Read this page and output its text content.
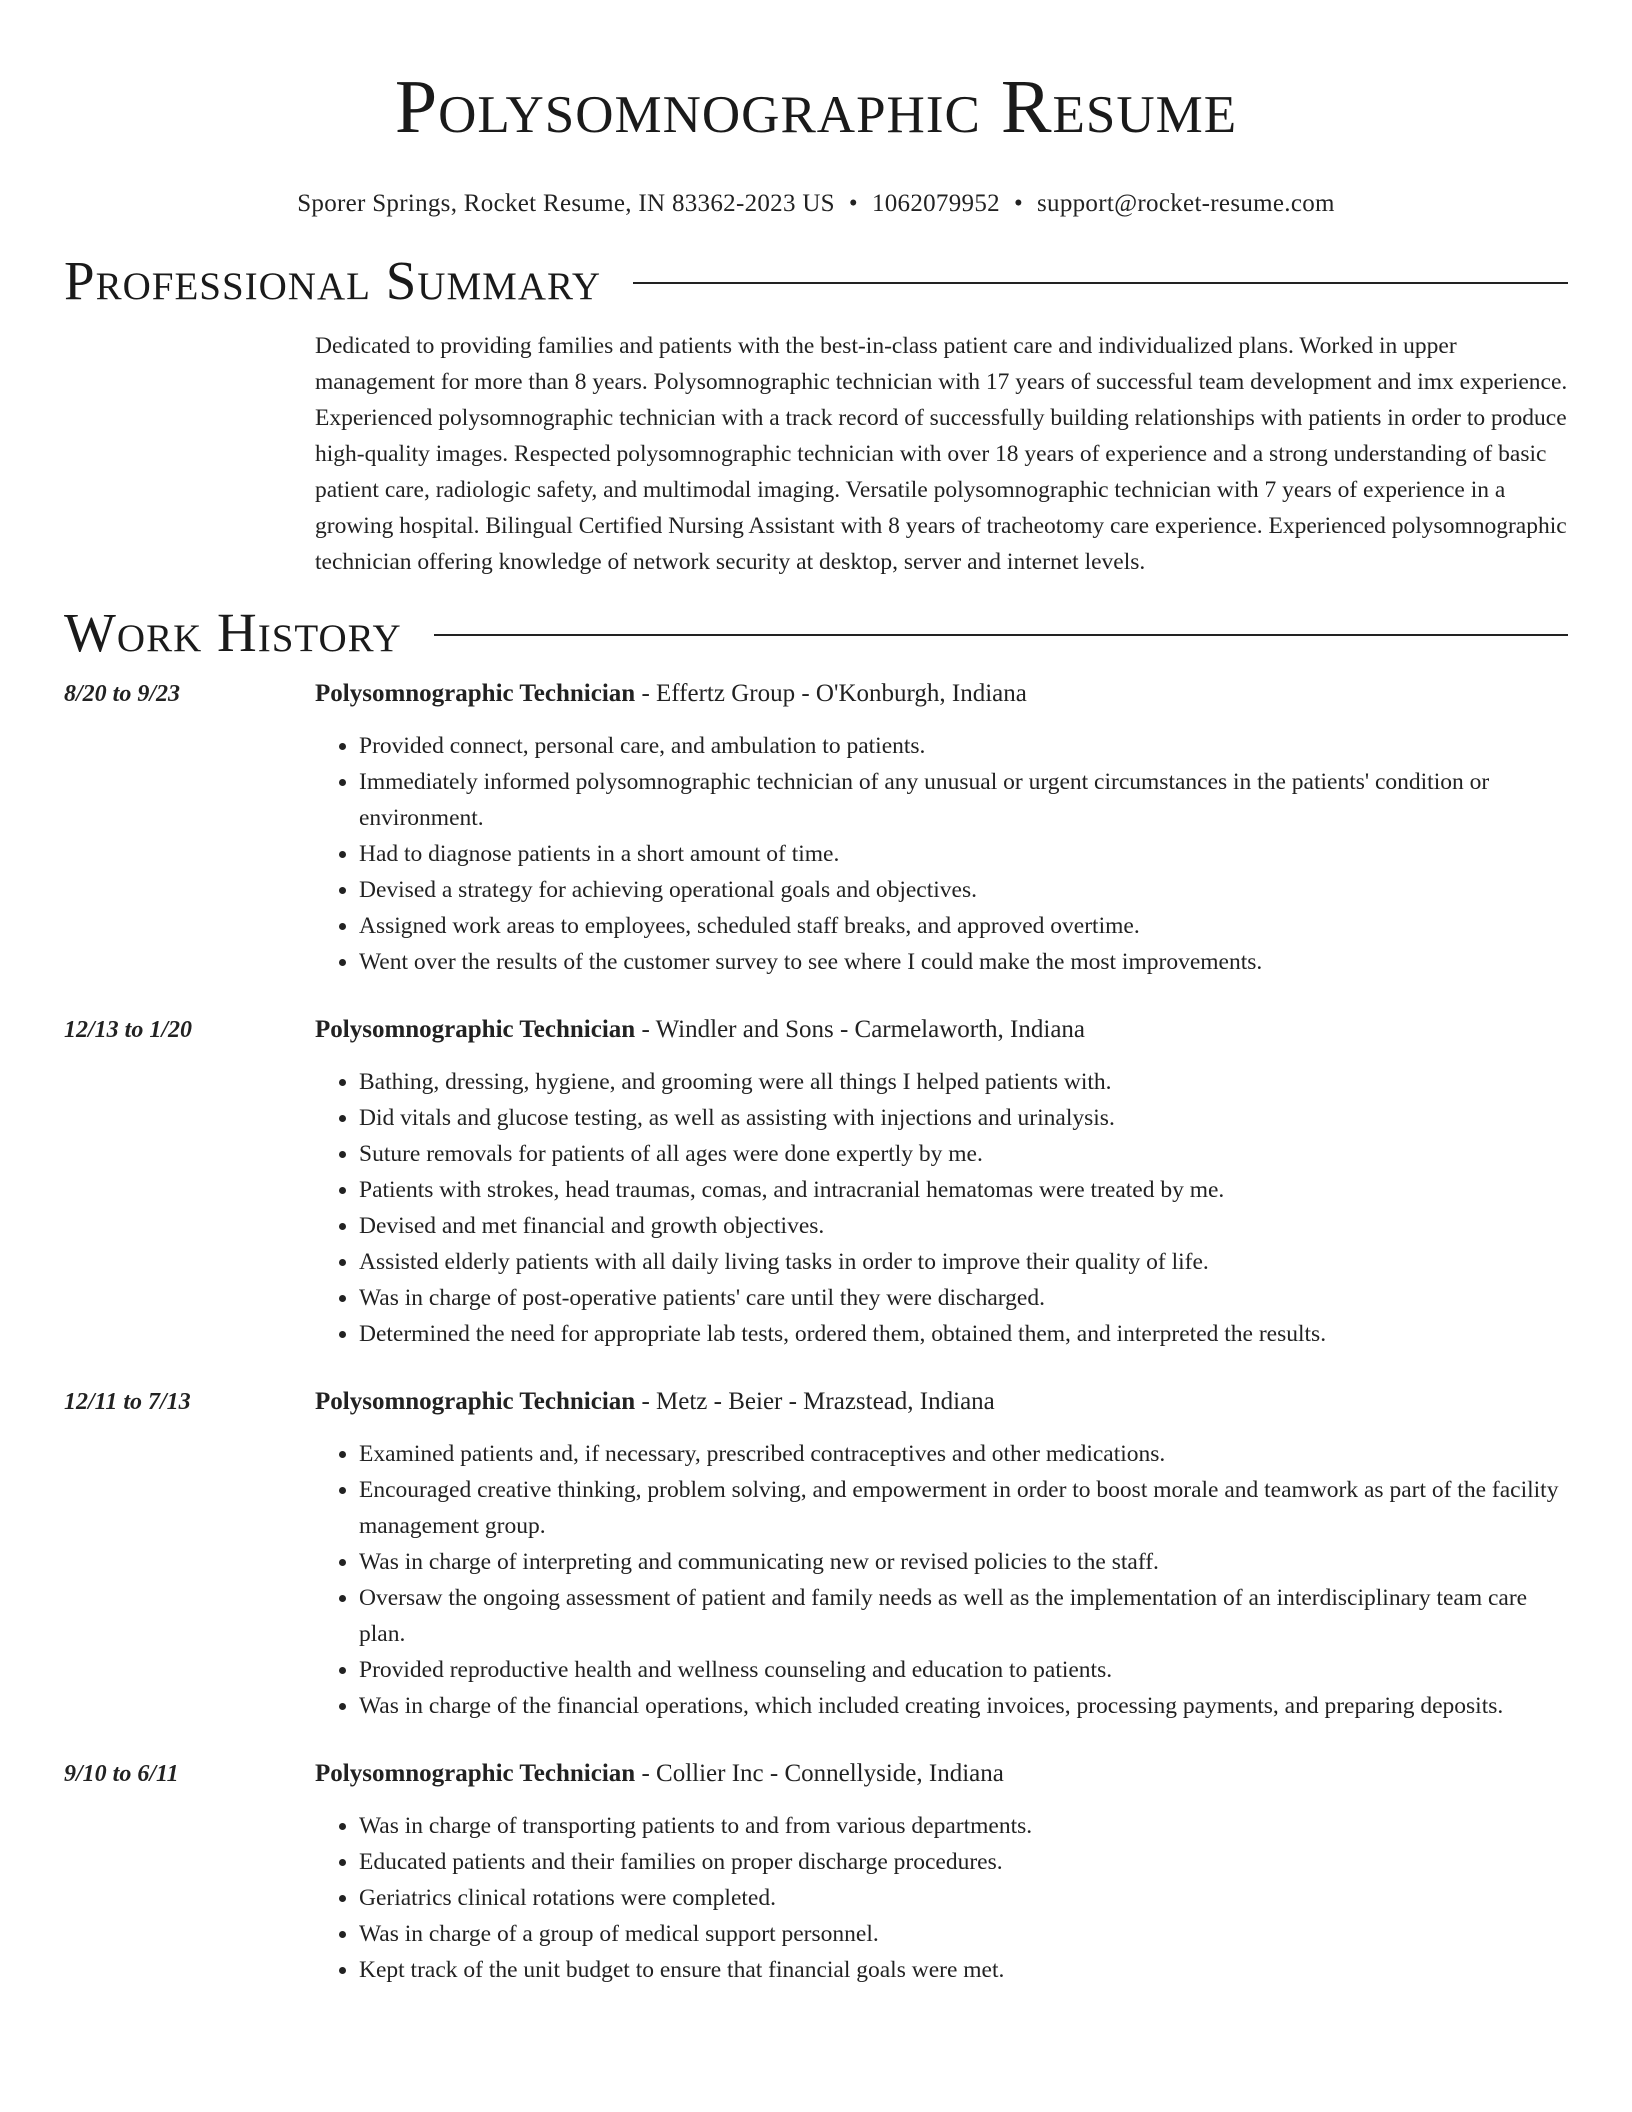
Polysomnographic Resume
Sporer Springs, Rocket Resume, IN 83362-2023 US • 1062079952 • support@rocket-resume.com
Professional Summary
Dedicated to providing families and patients with the best-in-class patient care and individualized plans. Worked in upper management for more than 8 years. Polysomnographic technician with 17 years of successful team development and imx experience. Experienced polysomnographic technician with a track record of successfully building relationships with patients in order to produce high-quality images. Respected polysomnographic technician with over 18 years of experience and a strong understanding of basic patient care, radiologic safety, and multimodal imaging. Versatile polysomnographic technician with 7 years of experience in a growing hospital. Bilingual Certified Nursing Assistant with 8 years of tracheotomy care experience. Experienced polysomnographic technician offering knowledge of network security at desktop, server and internet levels.
Work History
8/20 to 9/23	Polysomnographic Technician - Effertz Group - O'Konburgh, Indiana
• Provided connect, personal care, and ambulation to patients.
• Immediately informed polysomnographic technician of any unusual or urgent circumstances in the patients' condition or environment.
• Had to diagnose patients in a short amount of time.
• Devised a strategy for achieving operational goals and objectives.
• Assigned work areas to employees, scheduled staff breaks, and approved overtime.
• Went over the results of the customer survey to see where I could make the most improvements.
12/13 to 1/20	Polysomnographic Technician - Windler and Sons - Carmelaworth, Indiana
• Bathing, dressing, hygiene, and grooming were all things I helped patients with.
• Did vitals and glucose testing, as well as assisting with injections and urinalysis.
• Suture removals for patients of all ages were done expertly by me.
• Patients with strokes, head traumas, comas, and intracranial hematomas were treated by me.
• Devised and met financial and growth objectives.
• Assisted elderly patients with all daily living tasks in order to improve their quality of life.
• Was in charge of post-operative patients' care until they were discharged.
• Determined the need for appropriate lab tests, ordered them, obtained them, and interpreted the results.
12/11 to 7/13	Polysomnographic Technician - Metz - Beier - Mrazstead, Indiana
• Examined patients and, if necessary, prescribed contraceptives and other medications.
• Encouraged creative thinking, problem solving, and empowerment in order to boost morale and teamwork as part of the facility management group.
• Was in charge of interpreting and communicating new or revised policies to the staff.
• Oversaw the ongoing assessment of patient and family needs as well as the implementation of an interdisciplinary team care plan.
• Provided reproductive health and wellness counseling and education to patients.
• Was in charge of the financial operations, which included creating invoices, processing payments, and preparing deposits.
9/10 to 6/11	Polysomnographic Technician - Collier Inc - Connellyside, Indiana
• Was in charge of transporting patients to and from various departments.
• Educated patients and their families on proper discharge procedures.
• Geriatrics clinical rotations were completed.
• Was in charge of a group of medical support personnel.
• Kept track of the unit budget to ensure that financial goals were met.
